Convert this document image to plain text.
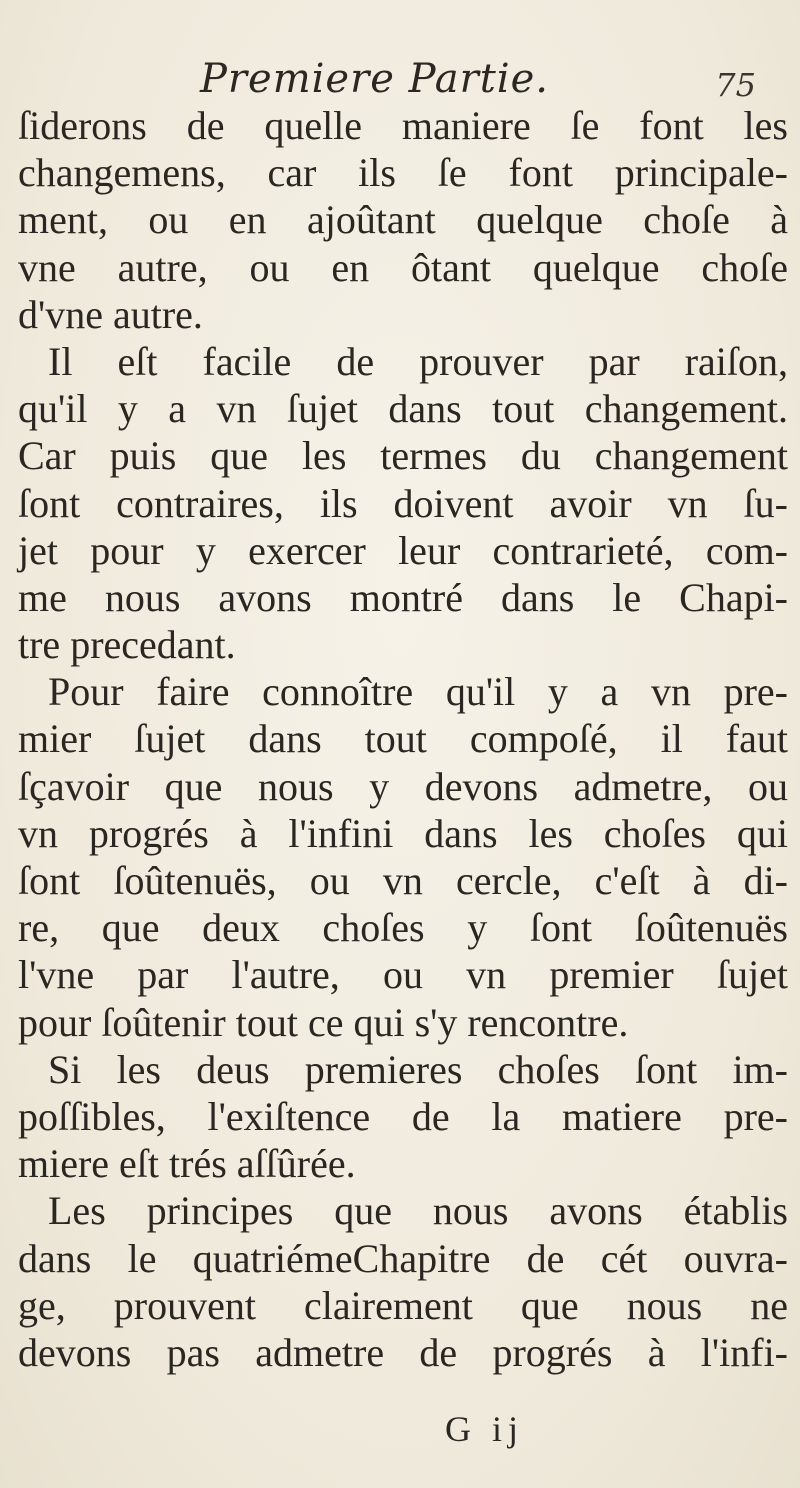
Premiere Partie.	75

ſiderons de quelle maniere ſe font les
changemens, car ils ſe font principale-
ment, ou en ajoûtant quelque choſe à
vne autre, ou en ôtant quelque choſe
d'vne autre.

Il eſt facile de prouver par raiſon,
qu'il y a vn ſujet dans tout changement.
Car puis que les termes du changement
ſont contraires, ils doivent avoir vn ſu-
jet pour y exercer leur contrarieté, com-
me nous avons montré dans le Chapi-
tre precedant.

Pour faire connoître qu'il y a vn pre-
mier ſujet dans tout compoſé, il faut
ſçavoir que nous y devons admetre, ou
vn progrés à l'infini dans les choſes qui
ſont ſoûtenuës, ou vn cercle, c'eſt à di-
re, que deux choſes y ſont ſoûtenuës
l'vne par l'autre, ou vn premier ſujet
pour ſoûtenir tout ce qui s'y rencontre.

Si les deus premieres choſes ſont im-
poſſibles, l'exiſtence de la matiere pre-
miere eſt trés aſſûrée.

Les principes que nous avons établis
dans le quatriémeChapitre de cét ouvra-
ge, prouvent clairement que nous ne
devons pas admetre de progrés à l'infi-

G ij
